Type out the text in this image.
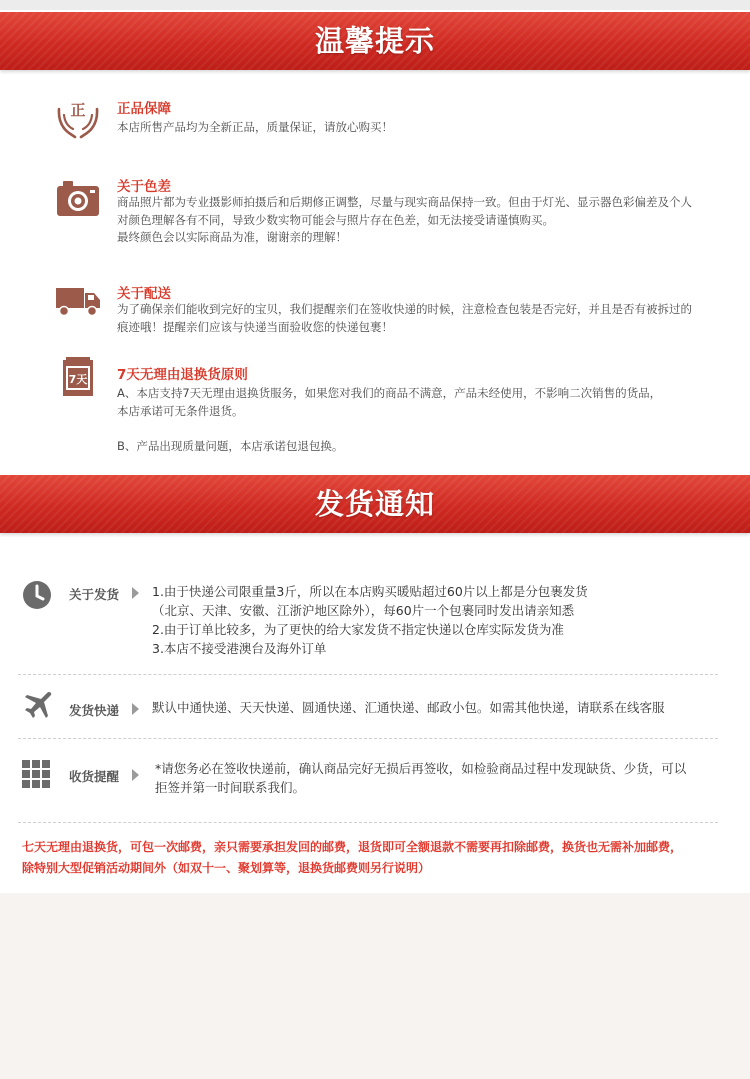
温馨提示
正 正品保障
本店所售产品均为全新正品，质量保证，请放心购买！
关于色差
商品照片都为专业摄影师拍摄后和后期修正调整，尽量与现实商品保持一致。但由于灯光、显示器色彩偏差及个人
对颜色理解各有不同，导致少数实物可能会与照片存在色差，如无法接受请谨慎购买。
最终颜色会以实际商品为准，谢谢亲的理解！
关于配送
为了确保亲们能收到完好的宝贝，我们提醒亲们在签收快递的时候，注意检查包装是否完好，并且是否有被拆过的
痕迹哦！提醒亲们应该与快递当面验收您的快递包裹！
7天 7天无理由退换货原则
A、本店支持7天无理由退换货服务，如果您对我们的商品不满意，产品未经使用，不影响二次销售的货品，
本店承诺可无条件退货。
B、产品出现质量问题，本店承诺包退包换。
发货通知
关于发货	1.由于快递公司限重量3斤，所以在本店购买暖贴超过60片以上都是分包裹发货
（北京、天津、安徽、江浙沪地区除外），每60片一个包裹同时发出请亲知悉
2.由于订单比较多，为了更快的给大家发货不指定快递以仓库实际发货为准
3.本店不接受港澳台及海外订单
发货快递	默认中通快递、天天快递、圆通快递、汇通快递、邮政小包。如需其他快递，请联系在线客服
收货提醒
*请您务必在签收快递前，确认商品完好无损后再签收，如检验商品过程中发现缺货、少货，可以
拒签并第一时间联系我们。
七天无理由退换货，可包一次邮费，亲只需要承担发回的邮费，退货即可全额退款不需要再扣除邮费，换货也无需补加邮费，
除特别大型促销活动期间外（如双十一、聚划算等，退换货邮费则另行说明）
